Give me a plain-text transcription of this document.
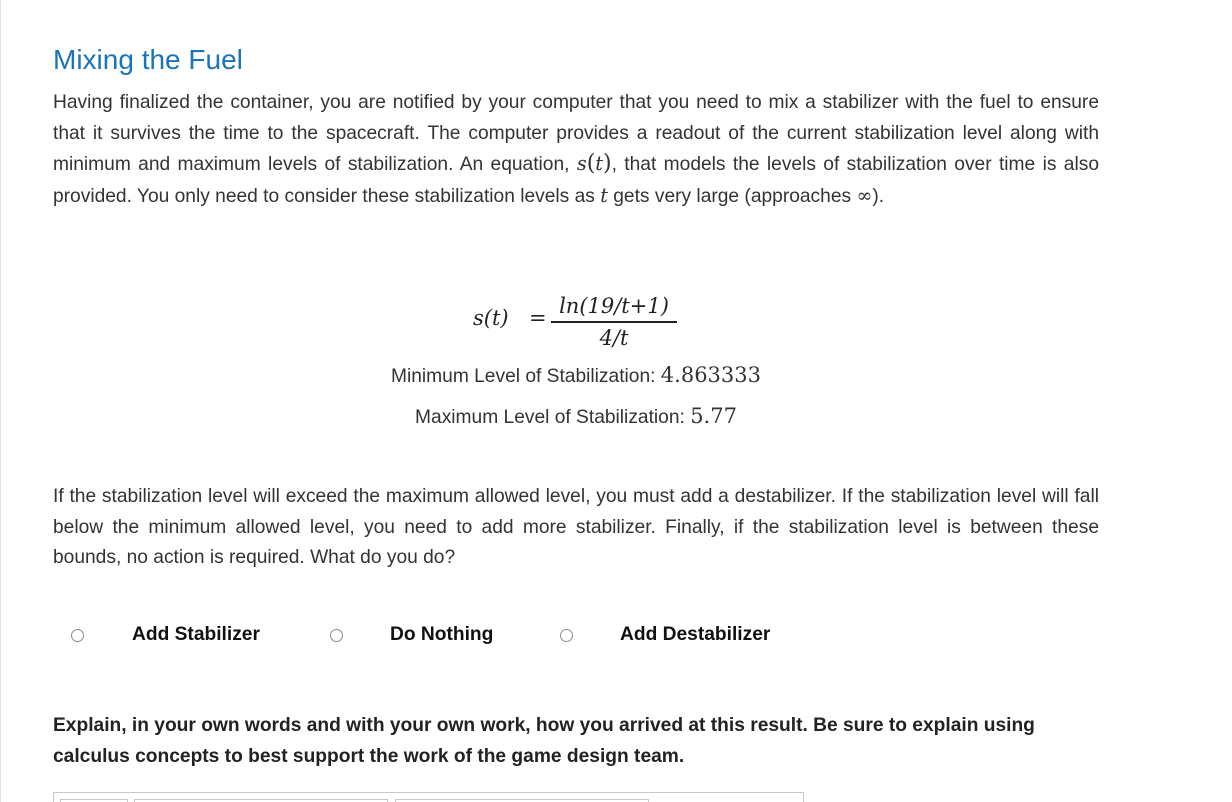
Mixing the Fuel

Having finalized the container, you are notified by your computer that you need to mix a stabilizer with the fuel to ensure that it survives the time to the spacecraft. The computer provides a readout of the current stabilization level along with minimum and maximum levels of stabilization. An equation, s(t), that models the levels of stabilization over time is also provided. You only need to consider these stabilization levels as t gets very large (approaches ∞).

s(t) = ln(19/t+1)
4/t
Minimum Level of Stabilization: 4.863333
Maximum Level of Stabilization: 5.77

If the stabilization level will exceed the maximum allowed level, you must add a destabilizer. If the stabilization level will fall below the minimum allowed level, you need to add more stabilizer. Finally, if the stabilization level is between these bounds, no action is required. What do you do?

Add Stabilizer	Do Nothing	Add Destabilizer

Explain, in your own words and with your own work, how you arrived at this result. Be sure to explain using calculus concepts to best support the work of the game design team.
